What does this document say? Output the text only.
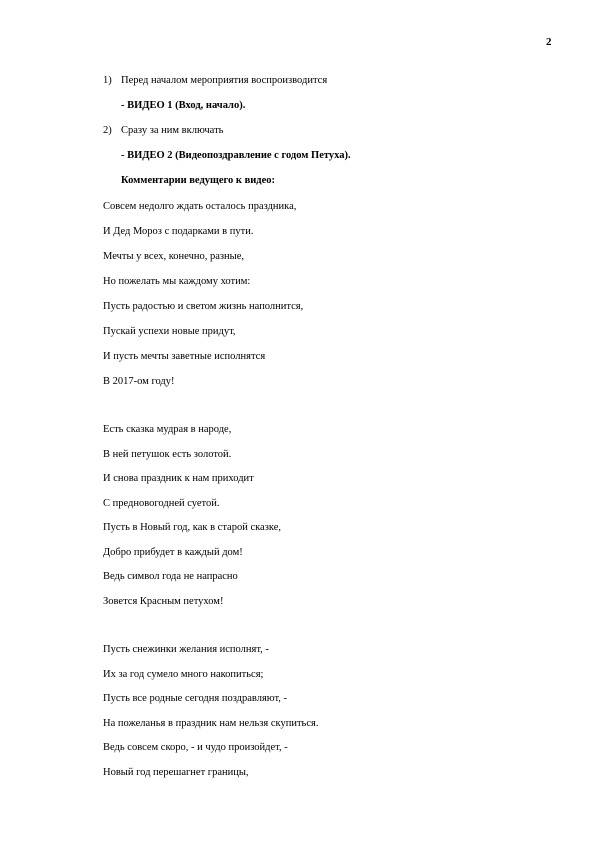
2
1) Перед началом мероприятия воспроизводится
- ВИДЕО 1 (Вход, начало).
2) Сразу за ним включать
- ВИДЕО 2 (Видеопоздравление с годом Петуха).
Комментарии ведущего к видео:
Совсем недолго ждать осталось праздника,
И Дед Мороз с подарками в пути.
Мечты у всех, конечно, разные,
Но пожелать мы каждому хотим:
Пусть радостью и светом жизнь наполнится,
Пускай успехи новые придут,
И пусть мечты заветные исполнятся
В 2017-ом году!
Есть сказка мудрая в народе,
В ней петушок есть золотой.
И снова праздник к нам приходит
С предновогодней суетой.
Пусть в Новый год, как в старой сказке,
Добро прибудет в каждый дом!
Ведь символ года не напрасно
Зовется Красным петухом!
Пусть снежинки желания исполнят, -
Их за год сумело много накопиться;
Пусть все родные сегодня поздравляют, -
На пожеланья в праздник нам нельзя скупиться.
Ведь совсем скоро, - и чудо произойдет, -
Новый год перешагнет границы,
